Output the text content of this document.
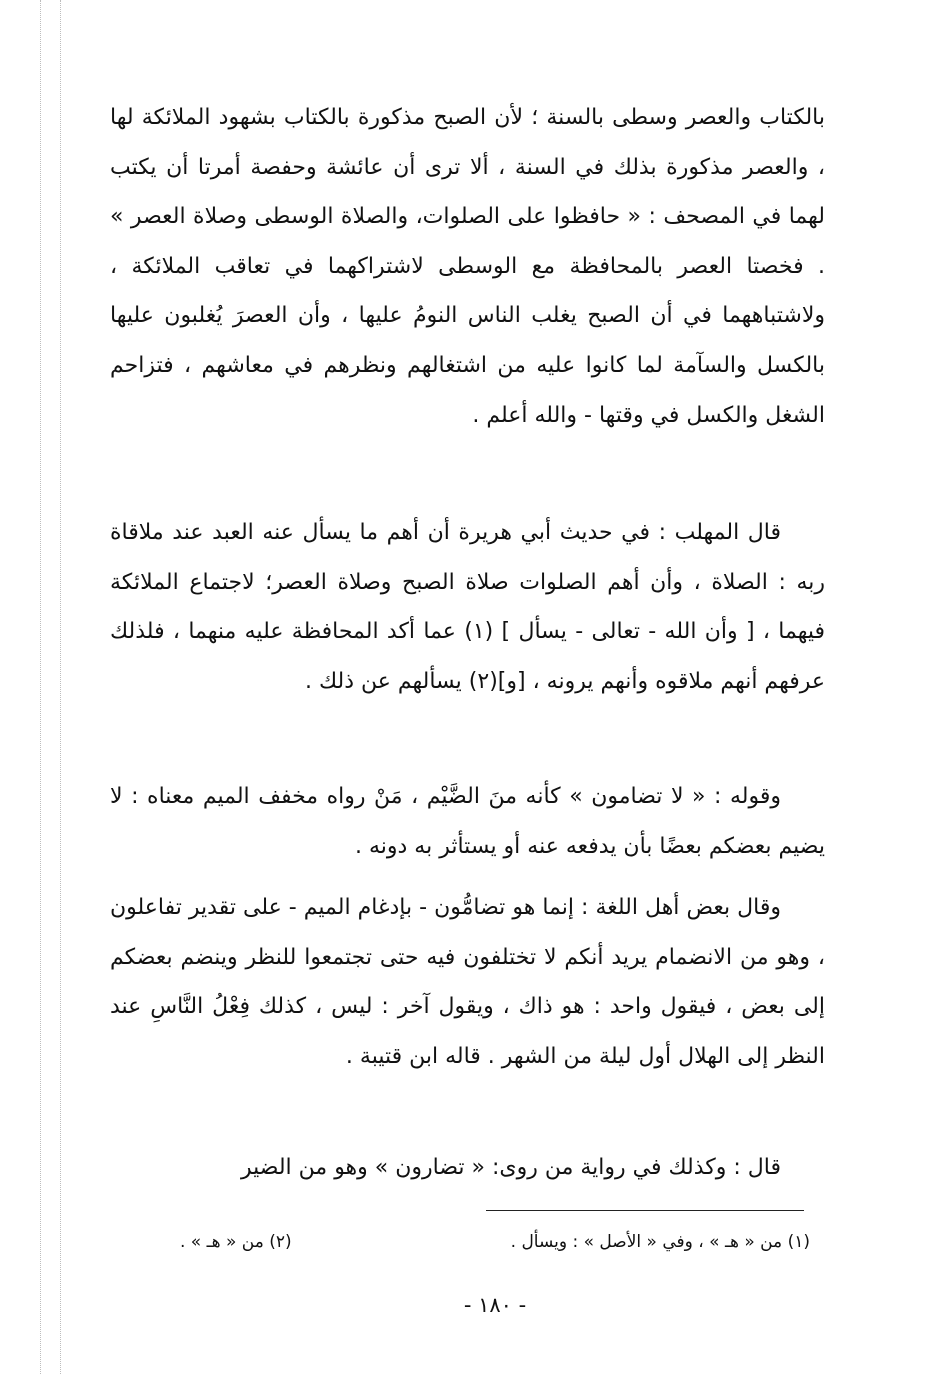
بالكتاب والعصر وسطى بالسنة ؛ لأن الصبح مذكورة بالكتاب بشهود الملائكة لها ، والعصر مذكورة بذلك في السنة ، ألا ترى أن عائشة وحفصة أمرتا أن يكتب لهما في المصحف : « حافظوا على الصلوات، والصلاة الوسطى وصلاة العصر » . فخصتا العصر بالمحافظة مع الوسطى لاشتراكهما في تعاقب الملائكة ، ولاشتباههما في أن الصبح يغلب الناس النومُ عليها ، وأن العصرَ يُغلبون عليها بالكسل والسآمة لما كانوا عليه من اشتغالهم ونظرهم في معاشهم ، فتزاحم الشغل والكسل في وقتها - والله أعلم .

قال المهلب : في حديث أبي هريرة أن أهم ما يسأل عنه العبد عند ملاقاة ربه : الصلاة ، وأن أهم الصلوات صلاة الصبح وصلاة العصر؛ لاجتماع الملائكة فيهما ، [ وأن الله - تعالى - يسأل ] (١) عما أكد المحافظة عليه منهما ، فلذلك عرفهم أنهم ملاقوه وأنهم يرونه ، [و](٢) يسألهم عن ذلك .

وقوله : « لا تضامون » كأنه منَ الضَّيْم ، مَنْ رواه مخفف الميم معناه : لا يضيم بعضكم بعضًا بأن يدفعه عنه أو يستأثر به دونه .

وقال بعض أهل اللغة : إنما هو تضامُّون - بإدغام الميم - على تقدير تفاعلون ، وهو من الانضمام يريد أنكم لا تختلفون فيه حتى تجتمعوا للنظر وينضم بعضكم إلى بعض ، فيقول واحد : هو ذاك ، ويقول آخر : ليس ، كذلك فِعْلُ النَّاسِ عند النظر إلى الهلال أول ليلة من الشهر . قاله ابن قتيبة .

قال : وكذلك في رواية من روى: « تضارون » وهو من الضير

(١) من « هـ » ، وفي « الأصل » : ويسأل .
(٢) من « هـ » .
- ١٨٠ -
